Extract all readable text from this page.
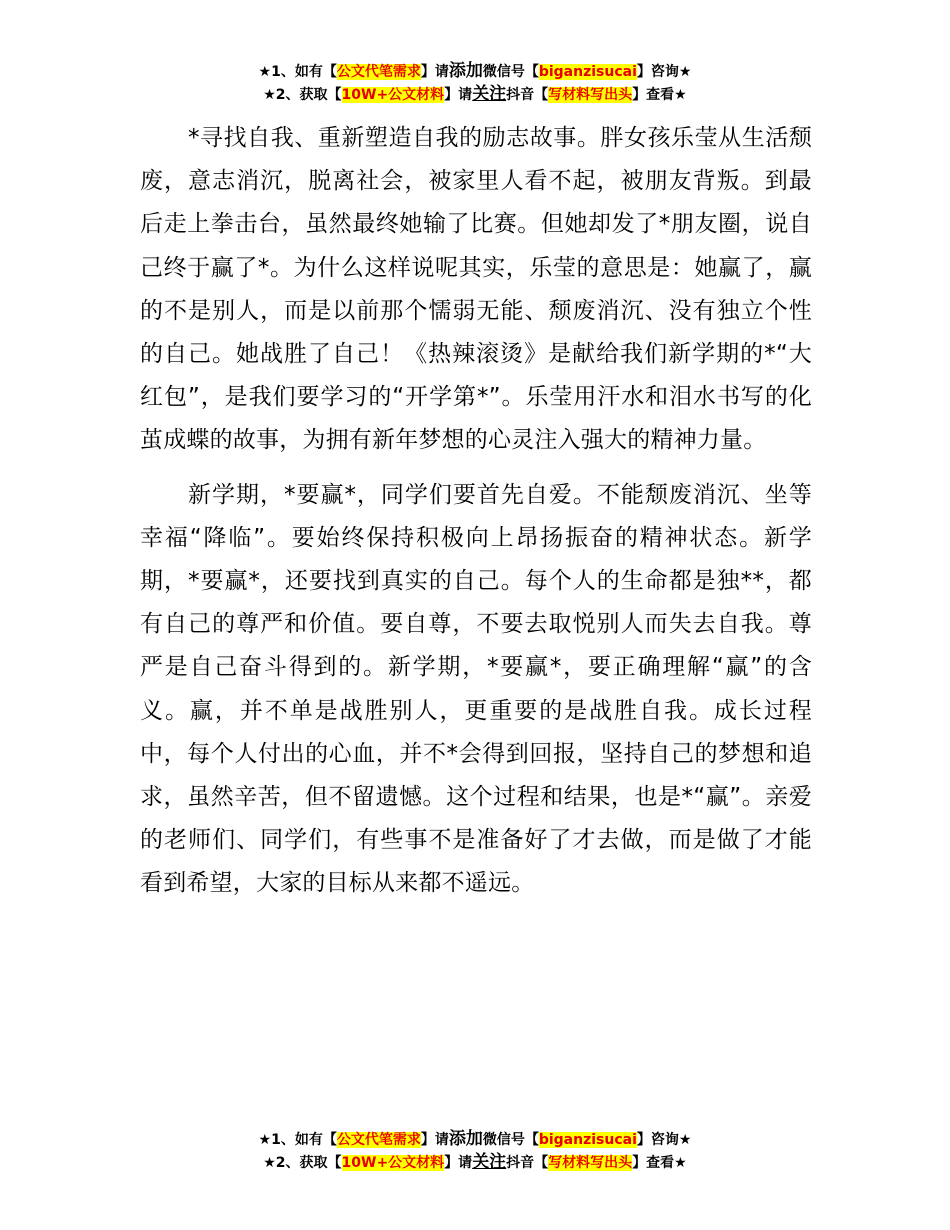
★1、如有【公文代笔需求】请添加微信号【biganzisucai】咨询★
★2、获取【10W+公文材料】请关注抖音【写材料写出头】查看★

*寻找自我、重新塑造自我的励志故事。胖女孩乐莹从生活颓废，意志消沉，脱离社会，被家里人看不起，被朋友背叛。到最后走上拳击台，虽然最终她输了比赛。但她却发了*朋友圈，说自己终于赢了*。为什么这样说呢其实，乐莹的意思是：她赢了，赢的不是别人，而是以前那个懦弱无能、颓废消沉、没有独立个性的自己。她战胜了自己！《热辣滚烫》是献给我们新学期的*“大红包”，是我们要学习的“开学第*”。乐莹用汗水和泪水书写的化茧成蝶的故事，为拥有新年梦想的心灵注入强大的精神力量。

新学期，*要赢*，同学们要首先自爱。不能颓废消沉、坐等幸福“降临”。要始终保持积极向上昂扬振奋的精神状态。新学期，*要赢*，还要找到真实的自己。每个人的生命都是独**，都有自己的尊严和价值。要自尊，不要去取悦别人而失去自我。尊严是自己奋斗得到的。新学期，*要赢*，要正确理解“赢”的含义。赢，并不单是战胜别人，更重要的是战胜自我。成长过程中，每个人付出的心血，并不*会得到回报，坚持自己的梦想和追求，虽然辛苦，但不留遗憾。这个过程和结果，也是*“赢”。亲爱的老师们、同学们，有些事不是准备好了才去做，而是做了才能看到希望，大家的目标从来都不遥远。

★1、如有【公文代笔需求】请添加微信号【biganzisucai】咨询★
★2、获取【10W+公文材料】请关注抖音【写材料写出头】查看★
